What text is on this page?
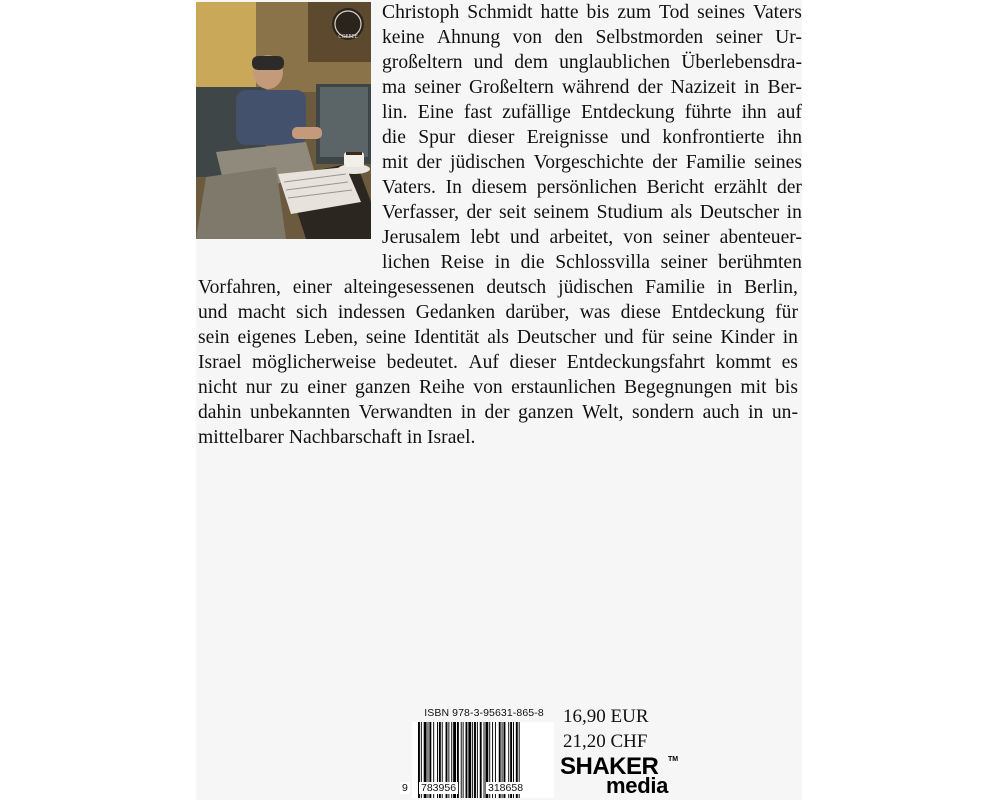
COFFEE
Christoph Schmidt hatte bis zum Tod seines Vaters
keine Ahnung von den Selbstmorden seiner Ur-
großeltern und dem unglaublichen Überlebensdra-
ma seiner Großeltern während der Nazizeit in Ber-
lin. Eine fast zufällige Entdeckung führte ihn auf
die Spur dieser Ereignisse und konfrontierte ihn
mit der jüdischen Vorgeschichte der Familie seines
Vaters. In diesem persönlichen Bericht erzählt der
Verfasser, der seit seinem Studium als Deutscher in
Jerusalem lebt und arbeitet, von seiner abenteuer-
lichen Reise in die Schlossvilla seiner berühmten
Vorfahren, einer alteingesessenen deutsch jüdischen Familie in Berlin,
und macht sich indessen Gedanken darüber, was diese Entdeckung für
sein eigenes Leben, seine Identität als Deutscher und für seine Kinder in
Israel möglicherweise bedeutet. Auf dieser Entdeckungsfahrt kommt es
nicht nur zu einer ganzen Reihe von erstaunlichen Begegnungen mit bis
dahin unbekannten Verwandten in der ganzen Welt, sondern auch in un-
mittelbarer Nachbarschaft in Israel.
ISBN 978-3-95631-865-8
9 783956	318658
16,90 EUR
21,20 CHF
SHAKER TM
media
